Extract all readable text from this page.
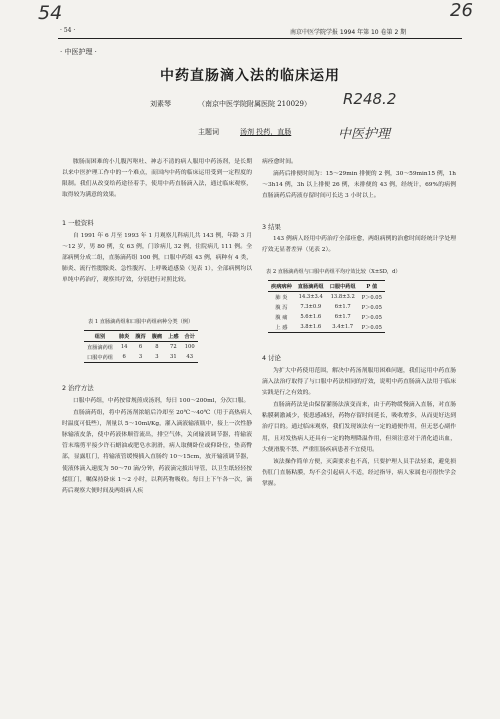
54	26
· 54 ·	南京中医学院学报 1994 年第 10 卷第 2 期
· 中医护理 ·
中药直肠滴入法的临床运用
刘素琴	（南京中医学院附属医院 210029） R248.2
主题词	汤剂 投药，直肠	中医护理

脓肠而困难的小儿腹泻呕吐、神志不清的病人服用中药汤剂，是长期以来中医护理工作中的一个难点，而国内中药的临床运用受到一定程度的限制。我们从改变给药途径着手，使用中药直肠滴入法，通过临床观察，取得较为满意的效果。

1 一般资料

自 1991 年 6 月至 1993 年 1 月观察儿科病儿共 143 例，年龄 3 月～12 岁，男 80 例，女 63 例，门诊病儿 32 例，住院病儿 111 例。全部病例分成二组，直肠滴药组 100 例，口服中药组 43 例，病种有 4 类，肺炎、流行性腮腺炎、急性腹泻、上呼吸道感染（见表 1），全部病例均以单纯中药治疗，观察其疗效，分别进行对照比较。

表 1 直肠滴药组和口服中药组病种分类（例）
组别	肺炎	腹泻	腹痛	上感	合计
直肠滴药组	14	6	8	72	100
口服中药组	6	3	3	31	43
2 治疗方法

口服中药组，中药按常规煎成汤剂，每日 100～200ml，分次口服。

直肠滴药组，将中药汤剂浓缩后冷却至 20℃～40℃（用于高热病人时温度可低些），剂量以 5～10ml/Kg，灌入滴液输液瓶中，接上一次性静脉输液皮条，使中药液体顺管流出，排空气体，关闭输液调节器，将输液管末端剪平接少许石蜡油或肥皂水润滑，病人取侧卧位或仰卧位，垫高臀部，显露肛门，将输液管缓慢插入直肠约 10～15cm，放开输液调节器，使液体滴入速度为 50～70 滴/分钟，药液滴完拔出导管，以卫生纸轻轻按揉肛门，嘱保持卧床 1～2 小时，以利药物吸收。每日上下午各一次，滴药后观察大便时间及两组病人疾

病痊愈时间。

滴药后排便时间为：15～29min 排便的 2 例，30～59min15 例，1h～3h14 例，3h 以上排便 26 例，未排便的 43 例，经统计，69%的病例直肠滴药后药液存留时间可长达 3 小时以上。

3 结果

143 例病人经用中药治疗全部痊愈，两组病例的治愈时间经统计学处理疗效无显著差异（见表 2）。

表 2 直肠滴药组与口服中药组平均疗效比较（X±SD，d）
疾病病种	直肠滴药组	口服中药组	P 值
肺 炎	14.3±3.4	13.8±3.2	P＞0.05
腹 泻	7.3±0.9	6±1.7	P＞0.05
腹 痛	5.6±1.6	6±1.7	P＞0.05
上 感	3.8±1.6	3.4±1.7	P＞0.05
4 讨论

为扩大中药使用范围，解决中药汤剂服用困难问题，我们运用中药直肠滴入法治疗取得了与口服中药法相同的疗效，说明中药直肠滴入法用于临床实践是行之有效的。

直肠滴药法是由保留灌肠法演变而来，由于药物缓慢滴入直肠，对直肠粘膜刺激减少，使患感减轻，药物存留时间延长，吸收增多，从而更好达到治疗目的。通过临床观察，我们发现该法有一定的通便作用，但无恶心副作用，且对发热病人还具有一定的物理降温作用，但须注意对于消化道出血，大便滑脱不禁、严重肛肠疾病患者不宜使用。

该法操作简单方便，灭菌要求也不高，只要护理人员手法轻柔，避免损伤肛门直肠粘膜，均不会引起病人不适，经过指导，病人家属也可很快学会掌握。
